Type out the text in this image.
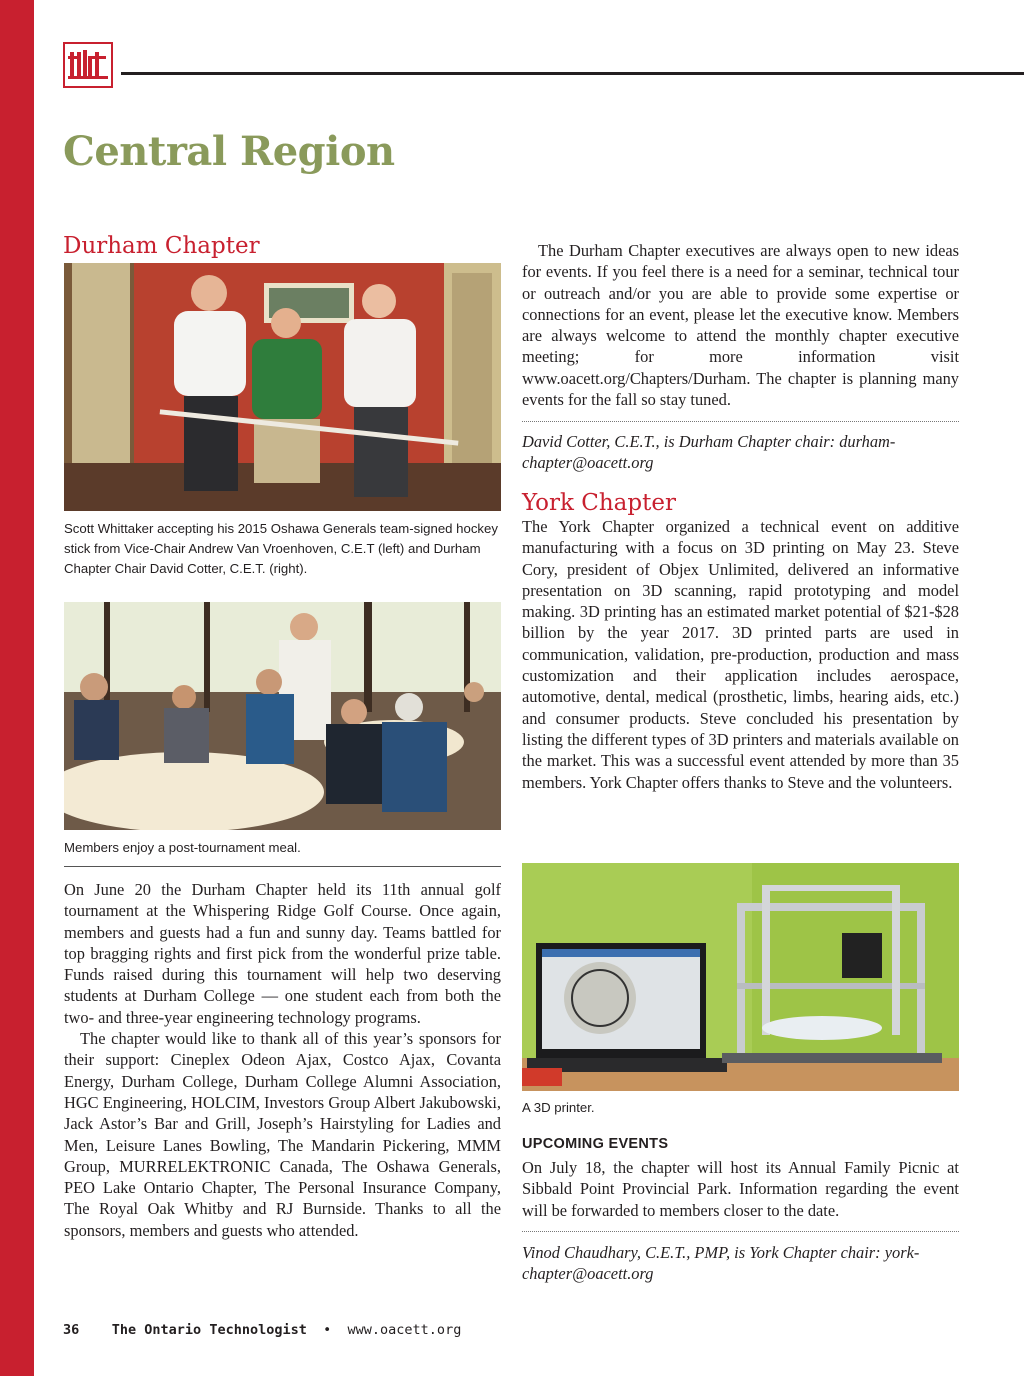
Central Region
Durham Chapter

Scott Whittaker accepting his 2015 Oshawa Generals team-signed hockey stick from Vice-Chair Andrew Van Vroenhoven, C.E.T (left) and Durham Chapter Chair David Cotter, C.E.T. (right).

Members enjoy a post-tournament meal.

On June 20 the Durham Chapter held its 11th annual golf tournament at the Whispering Ridge Golf Course. Once again, members and guests had a fun and sunny day. Teams battled for top bragging rights and first pick from the wonderful prize table. Funds raised during this tournament will help two deserving students at Durham College — one student each from both the two- and three-year engineering technology programs.

The chapter would like to thank all of this year’s sponsors for their support: Cineplex Odeon Ajax, Costco Ajax, Covanta Energy, Durham College, Durham College Alumni Association, HGC Engineering, HOLCIM, Investors Group Albert Jakubowski, Jack Astor’s Bar and Grill, Joseph’s Hairstyling for Ladies and Men, Leisure Lanes Bowling, The Mandarin Pickering, MMM Group, MURRELEKTRONIC Canada, The Oshawa Generals, PEO Lake Ontario Chapter, The Personal Insurance Company, The Royal Oak Whitby and RJ Burnside. Thanks to all the sponsors, members and guests who attended.

The Durham Chapter executives are always open to new ideas for events. If you feel there is a need for a seminar, technical tour or outreach and/or you are able to provide some expertise or connections for an event, please let the executive know. Members are always welcome to attend the monthly chapter executive meeting; for more information visit www.oacett.org/Chapters/Durham. The chapter is planning many events for the fall so stay tuned.

David Cotter, C.E.T., is Durham Chapter chair: durham-chapter@oacett.org

York Chapter

The York Chapter organized a technical event on additive manufacturing with a focus on 3D printing on May 23. Steve Cory, president of Objex Unlimited, delivered an informative presentation on 3D scanning, rapid prototyping and model making. 3D printing has an estimated market potential of $21-$28 billion by the year 2017. 3D printed parts are used in communication, validation, pre-production, production and mass customization and their application includes aerospace, automotive, dental, medical (prosthetic, limbs, hearing aids, etc.) and consumer products. Steve concluded his presentation by listing the different types of 3D printers and materials available on the market. This was a successful event attended by more than 35 members. York Chapter offers thanks to Steve and the volunteers.

A 3D printer.

UPCOMING EVENTS

On July 18, the chapter will host its Annual Family Picnic at Sibbald Point Provincial Park. Information regarding the event will be forwarded to members closer to the date.

Vinod Chaudhary, C.E.T., PMP, is York Chapter chair: york-chapter@oacett.org

36 The Ontario Technologist • www.oacett.org
